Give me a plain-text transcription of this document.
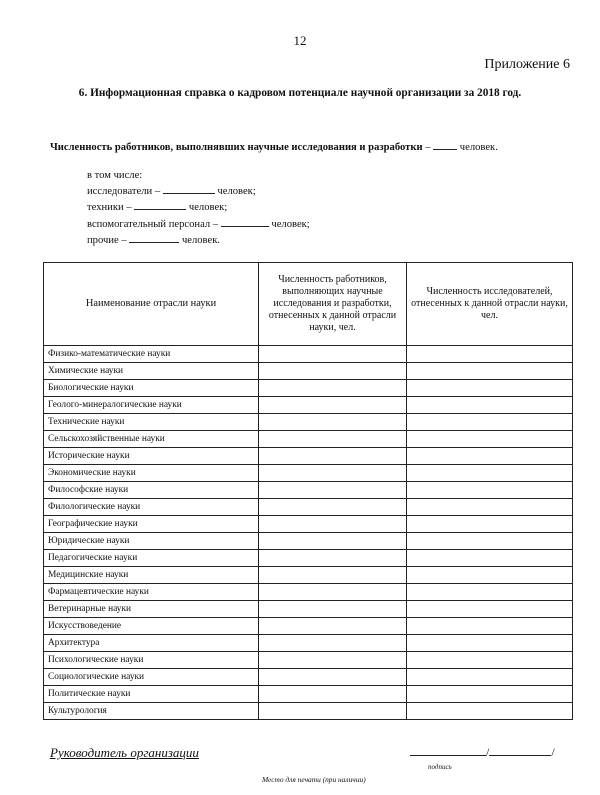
12
Приложение 6
6. Информационная справка о кадровом потенциале научной организации за 2018 год.
Численность работников, выполнявших научные исследования и разработки –  человек.
в том числе:
исследователи –	человек;
техники –	человек;
вспомогательный персонал –	человек;
прочие –	человек.
Наименование отрасли науки	Численность работников, выполняющих научные исследования и разработки, отнесенных к данной отрасли науки, чел.	Численность исследователей, отнесенных к данной отрасли науки, чел.
Физико-математические науки		
Химические науки		
Биологические науки		
Геолого-минералогические науки		
Технические науки		
Сельскохозяйственные науки		
Исторические науки		
Экономические науки		
Философские науки		
Филологические науки		
Географические науки		
Юридические науки		
Педагогические науки		
Медицинские науки		
Фармацевтические науки		
Ветеринарные науки		
Искусствоведение		
Архитектура		
Психологические науки		
Социологические науки		
Политические науки		
Культурология		
Руководитель организации	/	/
подпись
Место для печати (при наличии)
